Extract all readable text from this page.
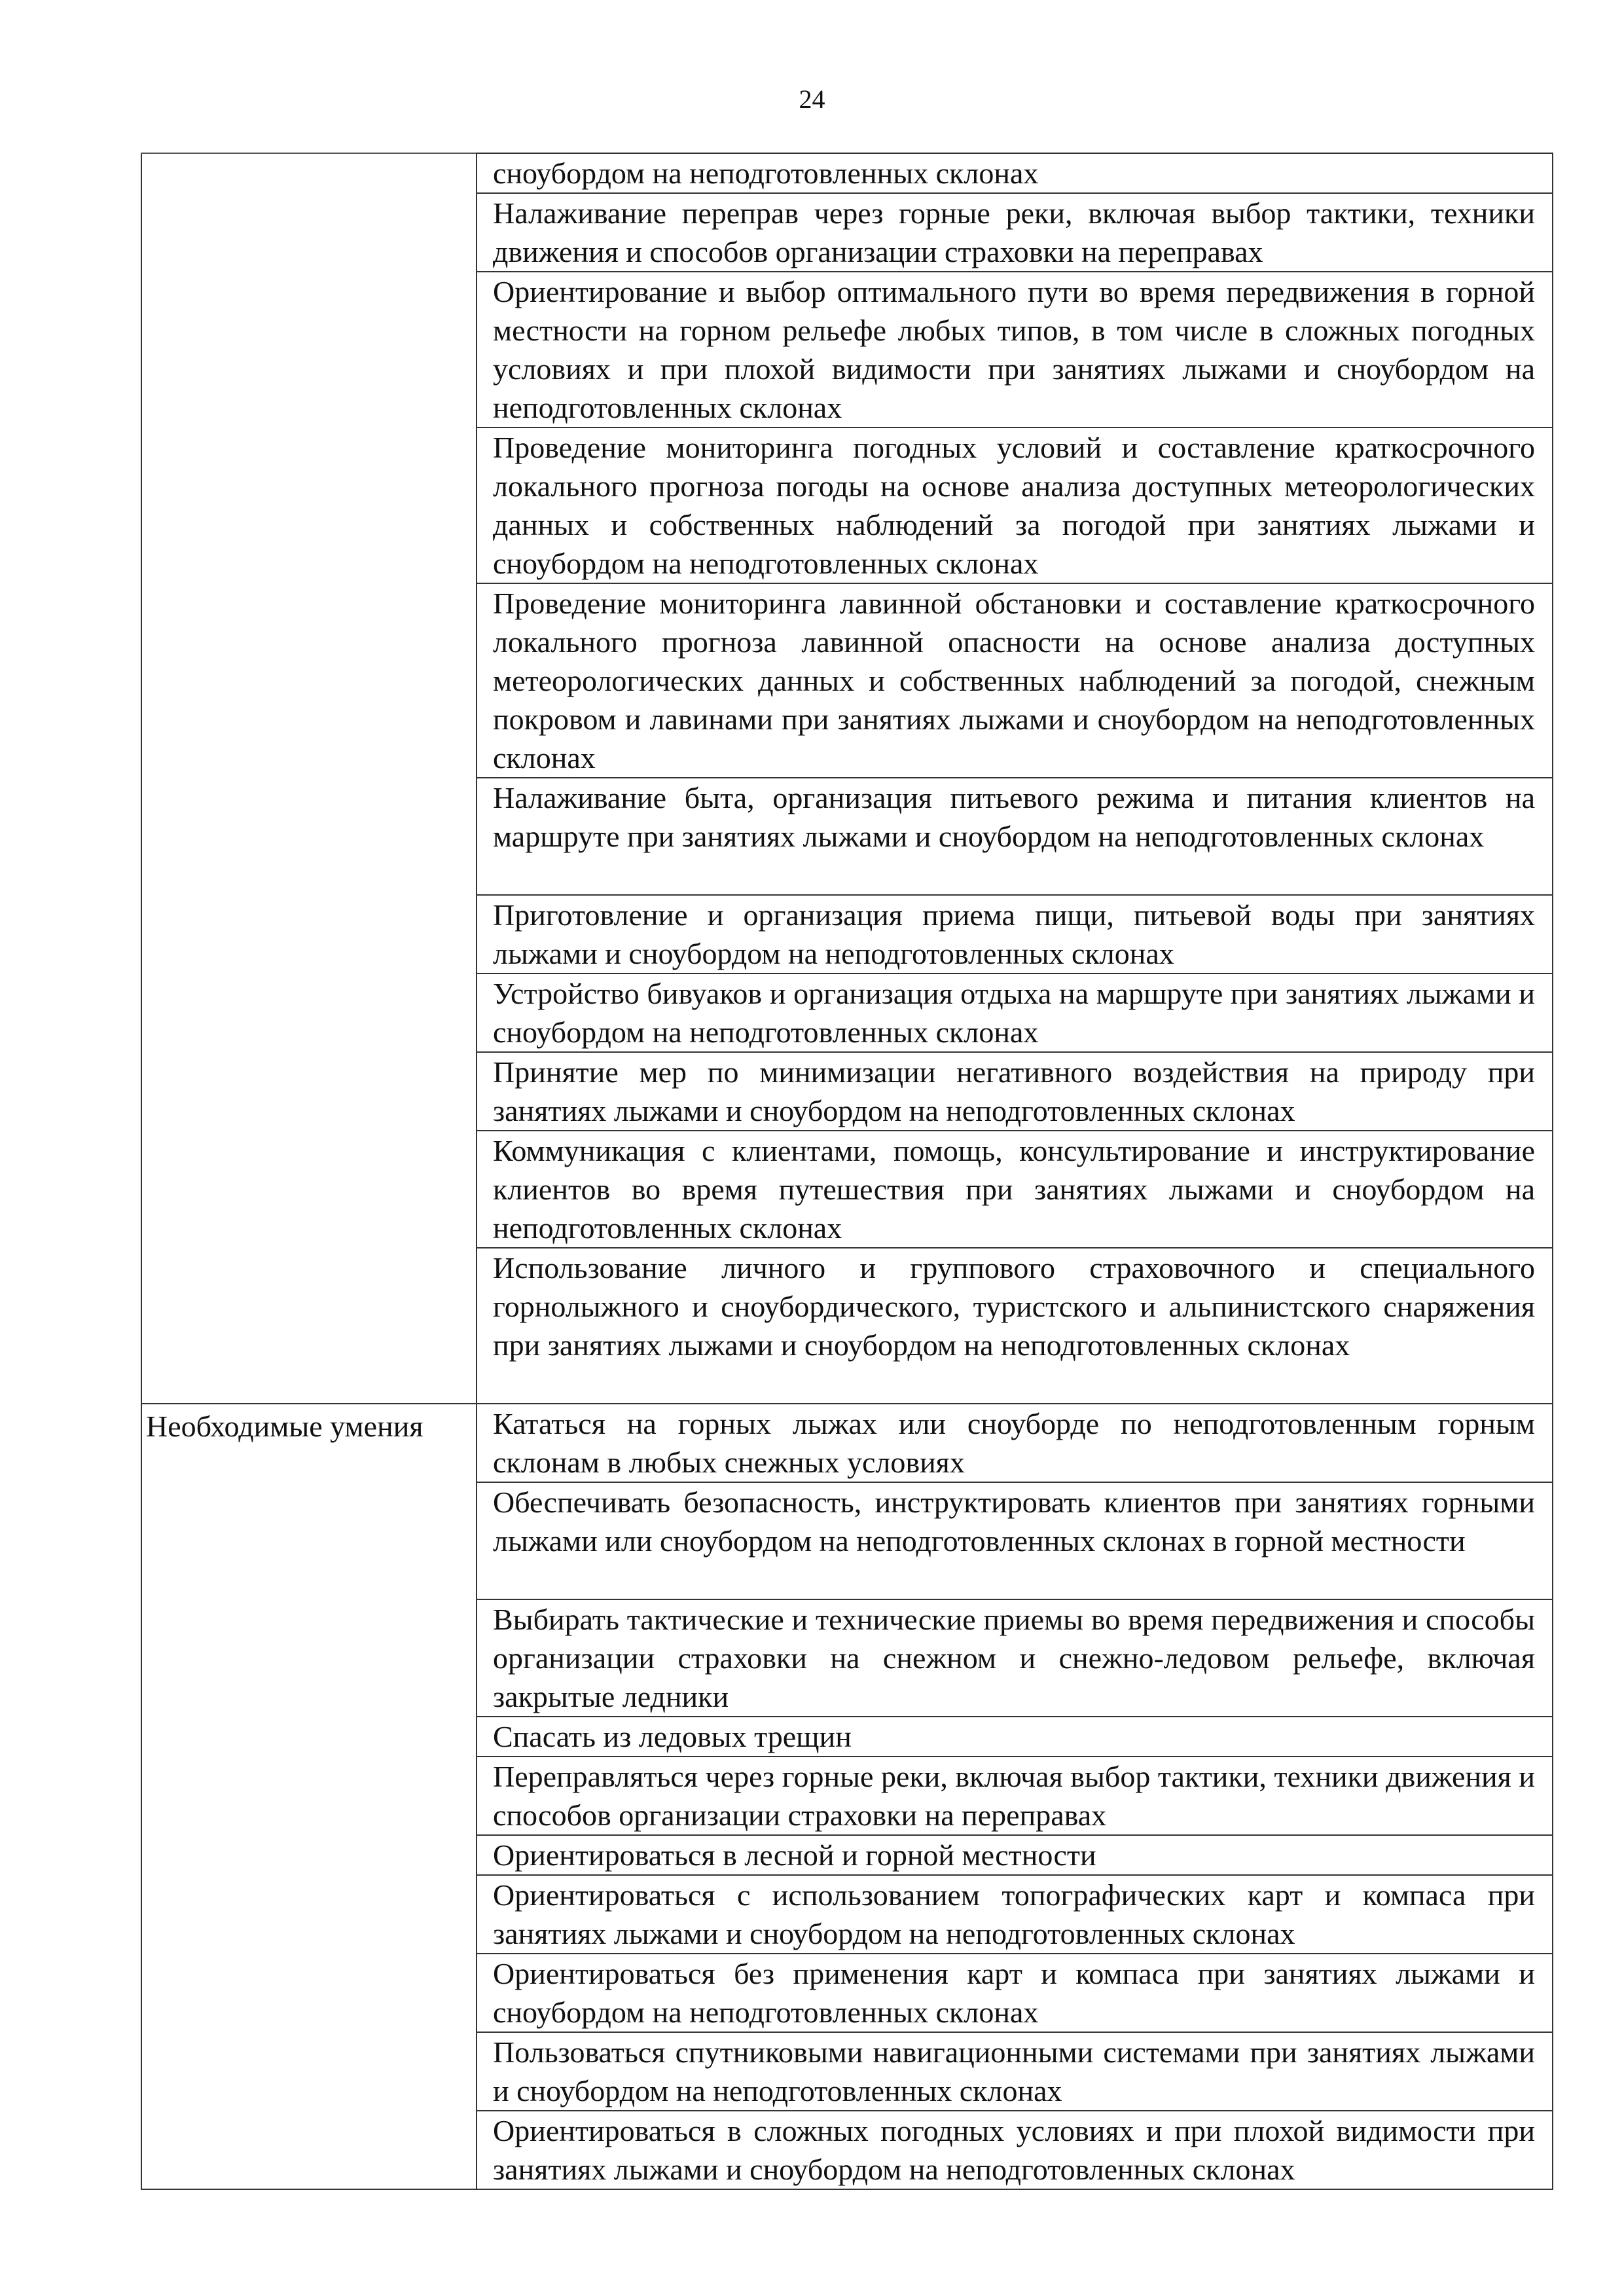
24

	сноубордом на неподготовленных склонах

	Налаживание переправ через горные реки, включая выбор тактики, техники движения и способов организации страховки на переправах

	Ориентирование и выбор оптимального пути во время передвижения в горной местности на горном рельефе любых типов, в том числе в сложных погодных условиях и при плохой видимости при занятиях лыжами и сноубордом на неподготовленных склонах

	Проведение мониторинга погодных условий и составление краткосрочного локального прогноза погоды на основе анализа доступных метеорологических данных и собственных наблюдений за погодой при занятиях лыжами и сноубордом на неподготовленных склонах

	Проведение мониторинга лавинной обстановки и составление краткосрочного локального прогноза лавинной опасности на основе анализа доступных метеорологических данных и собственных наблюдений за погодой, снежным покровом и лавинами при занятиях лыжами и сноубордом на неподготовленных склонах

	Налаживание быта, организация питьевого режима и питания клиентов на маршруте при занятиях лыжами и сноубордом на неподготовленных склонах

	Приготовление и организация приема пищи, питьевой воды при занятиях лыжами и сноубордом на неподготовленных склонах

	Устройство бивуаков и организация отдыха на маршруте при занятиях лыжами и сноубордом на неподготовленных склонах

	Принятие мер по минимизации негативного воздействия на природу при занятиях лыжами и сноубордом на неподготовленных склонах

	Коммуникация с клиентами, помощь, консультирование и инструктирование клиентов во время путешествия при занятиях лыжами и сноубордом на неподготовленных склонах

	Использование личного и группового страховочного и специального горнолыжного и сноубордического, туристского и альпинистского снаряжения при занятиях лыжами и сноубордом на неподготовленных склонах

Необходимые умения	Кататься на горных лыжах или сноуборде по неподготовленным горным склонам в любых снежных условиях

	Обеспечивать безопасность, инструктировать клиентов при занятиях горными лыжами или сноубордом на неподготовленных склонах в горной местности

	Выбирать тактические и технические приемы во время передвижения и способы организации страховки на снежном и снежно-ледовом рельефе, включая закрытые ледники

	Спасать из ледовых трещин

	Переправляться через горные реки, включая выбор тактики, техники движения и способов организации страховки на переправах

	Ориентироваться в лесной и горной местности

	Ориентироваться с использованием топографических карт и компаса при занятиях лыжами и сноубордом на неподготовленных склонах

	Ориентироваться без применения карт и компаса при занятиях лыжами и сноубордом на неподготовленных склонах

	Пользоваться спутниковыми навигационными системами при занятиях лыжами и сноубордом на неподготовленных склонах

	Ориентироваться в сложных погодных условиях и при плохой видимости при занятиях лыжами и сноубордом на неподготовленных склонах
